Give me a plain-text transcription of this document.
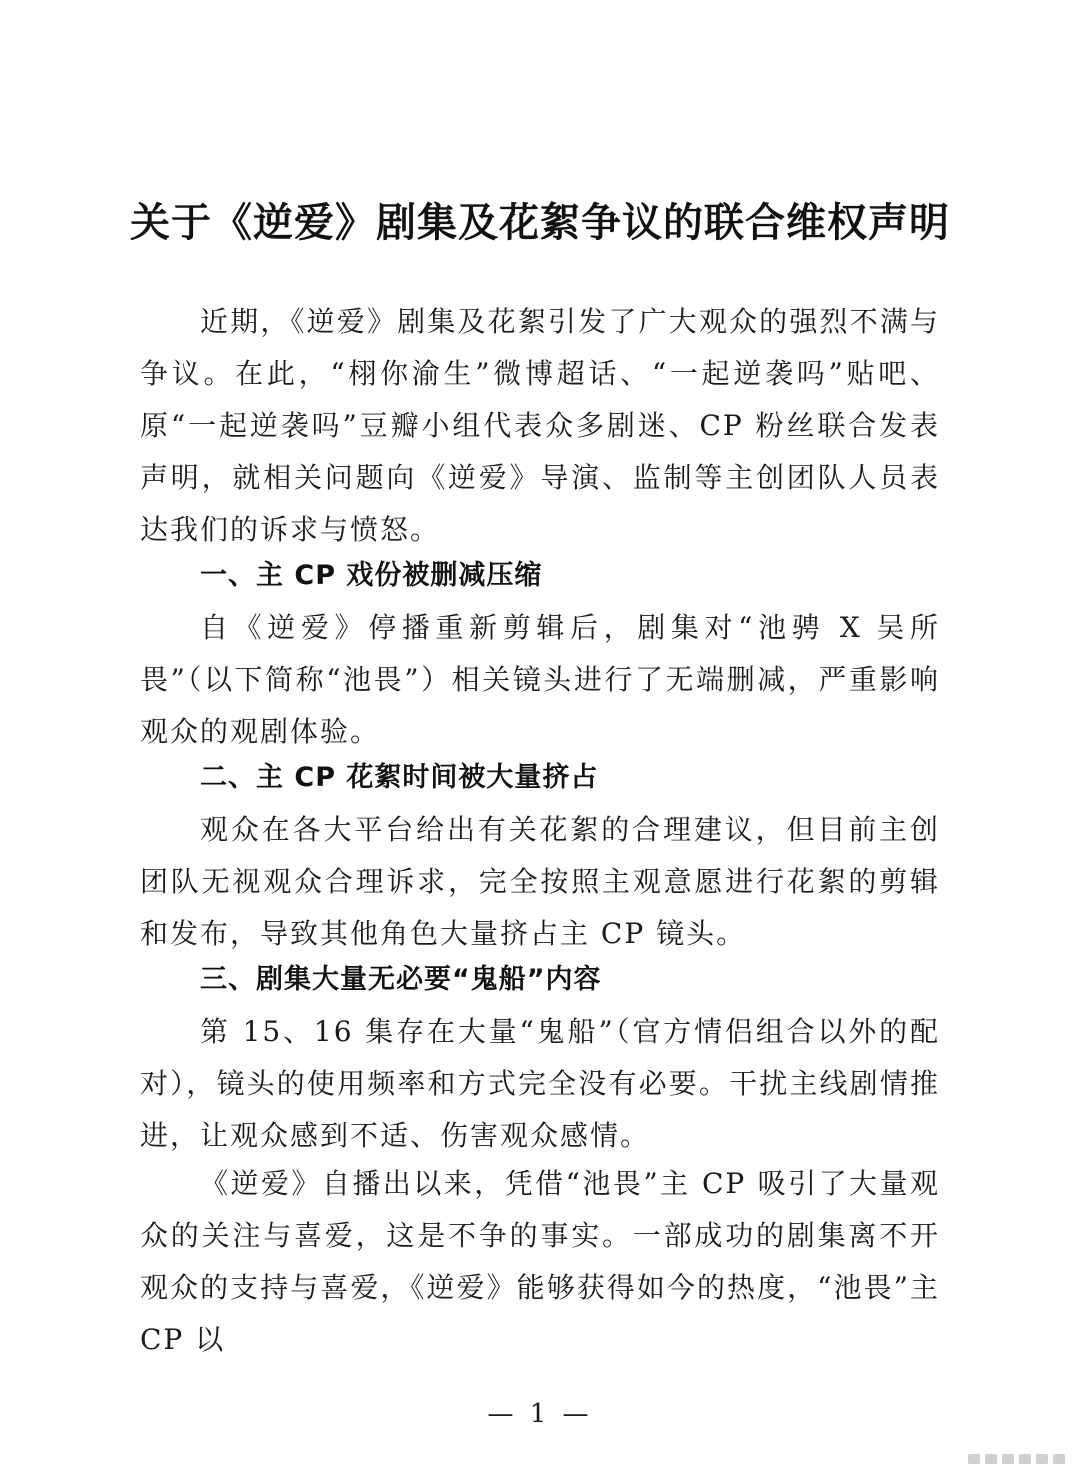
关于《逆爱》剧集及花絮争议的联合维权声明

近期，《逆爱》剧集及花絮引发了广大观众的强烈不满与争议。在此，“栩你渝生”微博超话、“一起逆袭吗”贴吧、原“一起逆袭吗”豆瓣小组代表众多剧迷、CP 粉丝联合发表声明，就相关问题向《逆爱》导演、监制等主创团队人员表达我们的诉求与愤怒。

一、主 CP 戏份被删减压缩

自《逆爱》停播重新剪辑后，剧集对“池骋 X 吴所畏”（以下简称“池畏”）相关镜头进行了无端删减，严重影响观众的观剧体验。

二、主 CP 花絮时间被大量挤占

观众在各大平台给出有关花絮的合理建议，但目前主创团队无视观众合理诉求，完全按照主观意愿进行花絮的剪辑和发布，导致其他角色大量挤占主 CP 镜头。

三、剧集大量无必要“鬼船”内容

第 15、16 集存在大量“鬼船”（官方情侣组合以外的配对），镜头的使用频率和方式完全没有必要。干扰主线剧情推进，让观众感到不适、伤害观众感情。

《逆爱》自播出以来，凭借“池畏”主 CP 吸引了大量观众的关注与喜爱，这是不争的事实。一部成功的剧集离不开观众的支持与喜爱，《逆爱》能够获得如今的热度，“池畏”主 CP 以

— 1 —
